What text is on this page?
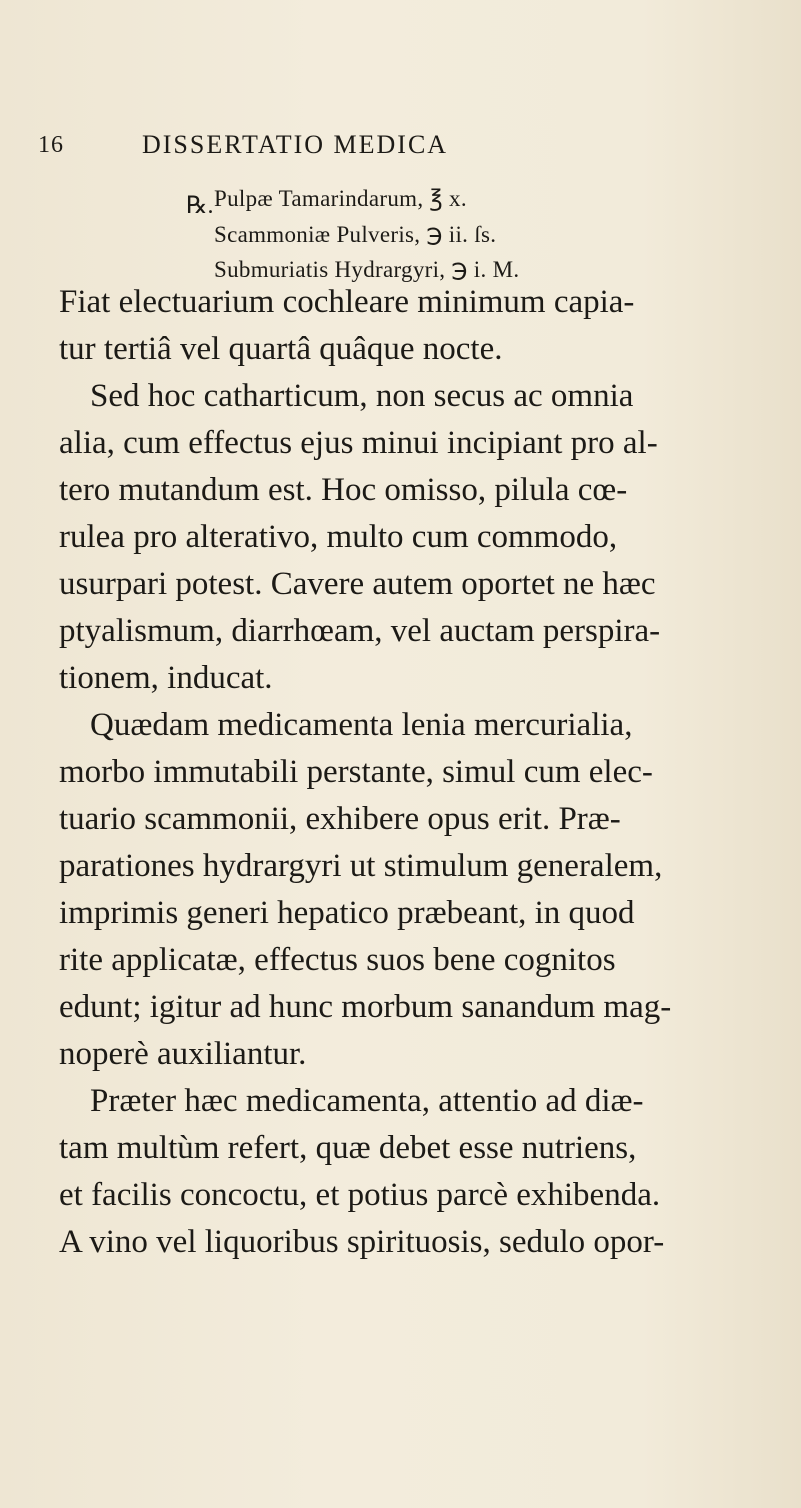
16	DISSERTATIO MEDICA
℞. Pulpæ Tamarindarum, ℥ x.
Scammoniæ Pulveris, ℈ ii. ſs.
Submuriatis Hydrargyri, ℈ i. M.
Fiat electuarium cochleare minimum capia-
tur tertiâ vel quartâ quâque nocte.
Sed hoc catharticum, non secus ac omnia
alia, cum effectus ejus minui incipiant pro al-
tero mutandum est. Hoc omisso, pilula cœ-
rulea pro alterativo, multo cum commodo,
usurpari potest. Cavere autem oportet ne hæc
ptyalismum, diarrhœam, vel auctam perspira-
tionem, inducat.
Quædam medicamenta lenia mercurialia,
morbo immutabili perstante, simul cum elec-
tuario scammonii, exhibere opus erit. Præ-
parationes hydrargyri ut stimulum generalem,
imprimis generi hepatico præbeant, in quod
rite applicatæ, effectus suos bene cognitos
edunt; igitur ad hunc morbum sanandum mag-
noperè auxiliantur.
Præter hæc medicamenta, attentio ad diæ-
tam multùm refert, quæ debet esse nutriens,
et facilis concoctu, et potius parcè exhibenda.
A vino vel liquoribus spirituosis, sedulo opor-
